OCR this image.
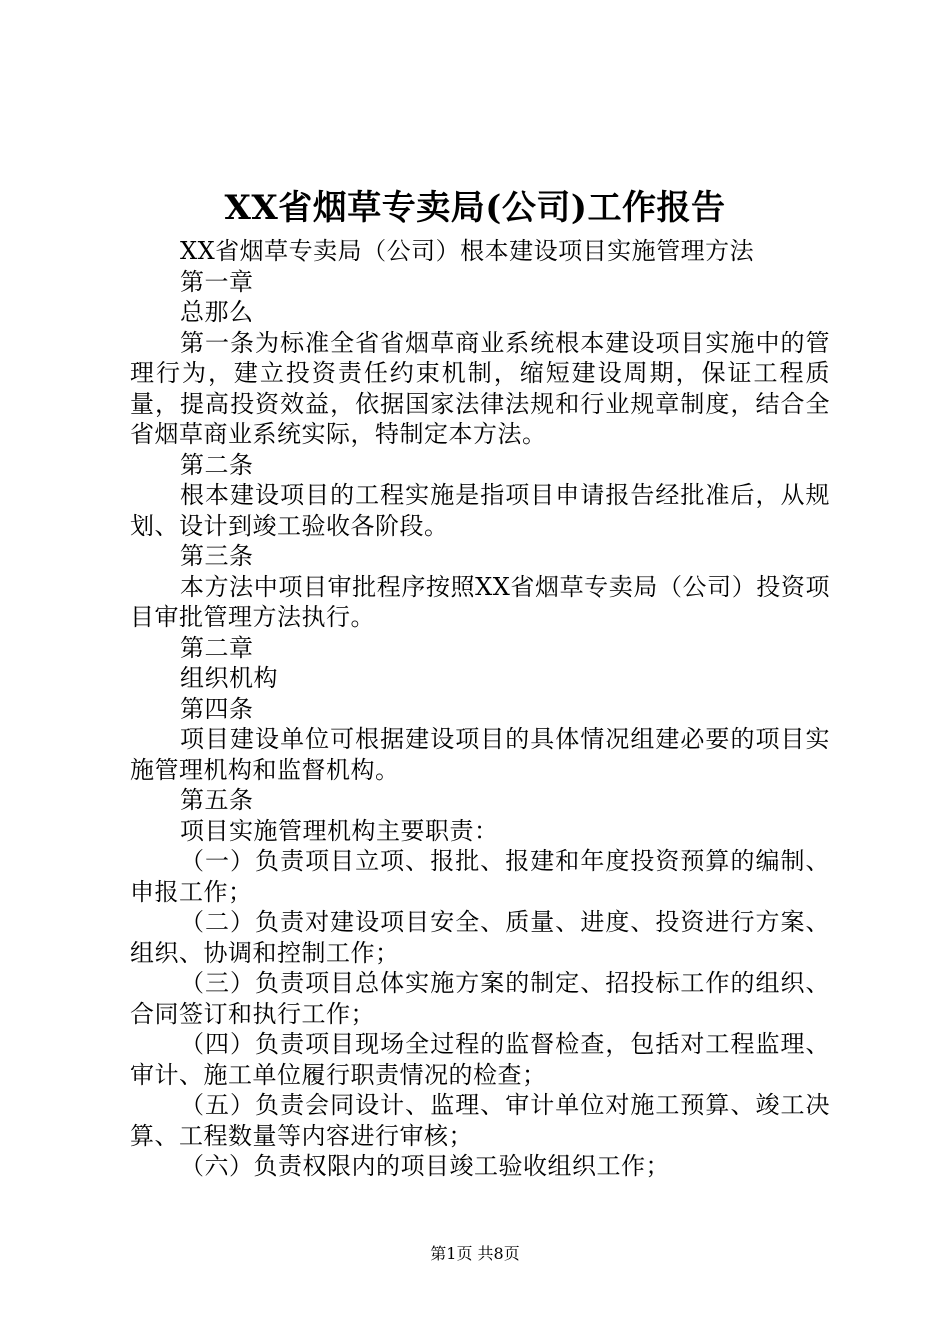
XX省烟草专卖局(公司)工作报告

XX省烟草专卖局（公司）根本建设项目实施管理方法

第一章

总那么

第一条为标准全省省烟草商业系统根本建设项目实施中的管理行为，建立投资责任约束机制，缩短建设周期，保证工程质量，提高投资效益，依据国家法律法规和行业规章制度，结合全省烟草商业系统实际，特制定本方法。

第二条

根本建设项目的工程实施是指项目申请报告经批准后，从规划、设计到竣工验收各阶段。

第三条

本方法中项目审批程序按照XX省烟草专卖局（公司）投资项目审批管理方法执行。

第二章

组织机构

第四条

项目建设单位可根据建设项目的具体情况组建必要的项目实施管理机构和监督机构。

第五条

项目实施管理机构主要职责：

（一）负责项目立项、报批、报建和年度投资预算的编制、申报工作；

（二）负责对建设项目安全、质量、进度、投资进行方案、组织、协调和控制工作；

（三）负责项目总体实施方案的制定、招投标工作的组织、合同签订和执行工作；

（四）负责项目现场全过程的监督检查，包括对工程监理、审计、施工单位履行职责情况的检查；

（五）负责会同设计、监理、审计单位对施工预算、竣工决算、工程数量等内容进行审核；

（六）负责权限内的项目竣工验收组织工作；

第1页 共8页
